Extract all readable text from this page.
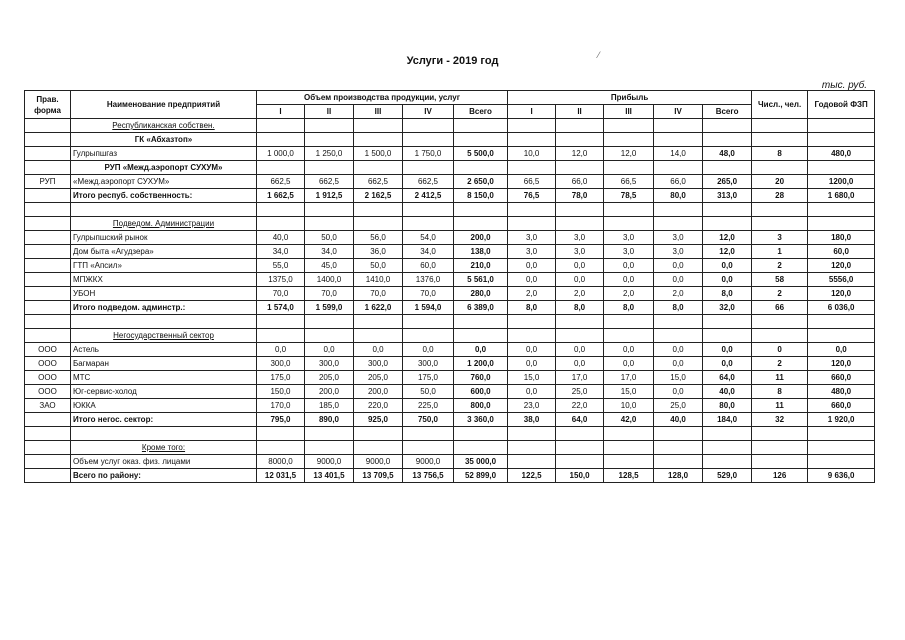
Услуги - 2019 год	⁄
тыс. руб.
Прав. форма	Наименование предприятий	Объем производства продукции, услуг					Прибыль					Числ., чел.	Годовой ФЗП
		I	II	III	IV	Всего	I	II	III	IV	Всего		
	Республиканская собствен.												
	ГК «Абхазтоп»												
	Гулрыпшгаз	1 000,0	1 250,0	1 500,0	1 750,0	5 500,0	10,0	12,0	12,0	14,0	48,0	8	480,0
	РУП «Межд.аэропорт СУХУМ»												
РУП	«Межд.аэропорт СУХУМ»	662,5	662,5	662,5	662,5	2 650,0	66,5	66,0	66,5	66,0	265,0	20	1200,0
	Итого респуб. собственность:	1 662,5	1 912,5	2 162,5	2 412,5	8 150,0	76,5	78,0	78,5	80,0	313,0	28	1 680,0

	Подведом. Администрации												
	Гулрыпшский рынок	40,0	50,0	56,0	54,0	200,0	3,0	3,0	3,0	3,0	12,0	3	180,0
	Дом быта «Агудзера»	34,0	34,0	36,0	34,0	138,0	3,0	3,0	3,0	3,0	12,0	1	60,0
	ГТП «Апсил»	55,0	45,0	50,0	60,0	210,0	0,0	0,0	0,0	0,0	0,0	2	120,0
	МПЖКХ	1375,0	1400,0	1410,0	1376,0	5 561,0	0,0	0,0	0,0	0,0	0,0	58	5556,0
	УБОН	70,0	70,0	70,0	70,0	280,0	2,0	2,0	2,0	2,0	8,0	2	120,0
	Итого подведом. админстр.:	1 574,0	1 599,0	1 622,0	1 594,0	6 389,0	8,0	8,0	8,0	8,0	32,0	66	6 036,0

	Негосударственный сектор												
ООО	Астель	0,0	0,0	0,0	0,0	0,0	0,0	0,0	0,0	0,0	0,0	0	0,0
ООО	Багмаран	300,0	300,0	300,0	300,0	1 200,0	0,0	0,0	0,0	0,0	0,0	2	120,0
ООО	МТС	175,0	205,0	205,0	175,0	760,0	15,0	17,0	17,0	15,0	64,0	11	660,0
ООО	Юг-сервис-холод	150,0	200,0	200,0	50,0	600,0	0,0	25,0	15,0	0,0	40,0	8	480,0
ЗАО	ЮККА	170,0	185,0	220,0	225,0	800,0	23,0	22,0	10,0	25,0	80,0	11	660,0
	Итого негос. сектор:	795,0	890,0	925,0	750,0	3 360,0	38,0	64,0	42,0	40,0	184,0	32	1 920,0

	Кроме того:												
	Объем услуг оказ. физ. лицами	8000,0	9000,0	9000,0	9000,0	35 000,0							
	Всего по району:	12 031,5	13 401,5	13 709,5	13 756,5	52 899,0	122,5	150,0	128,5	128,0	529,0	126	9 636,0
